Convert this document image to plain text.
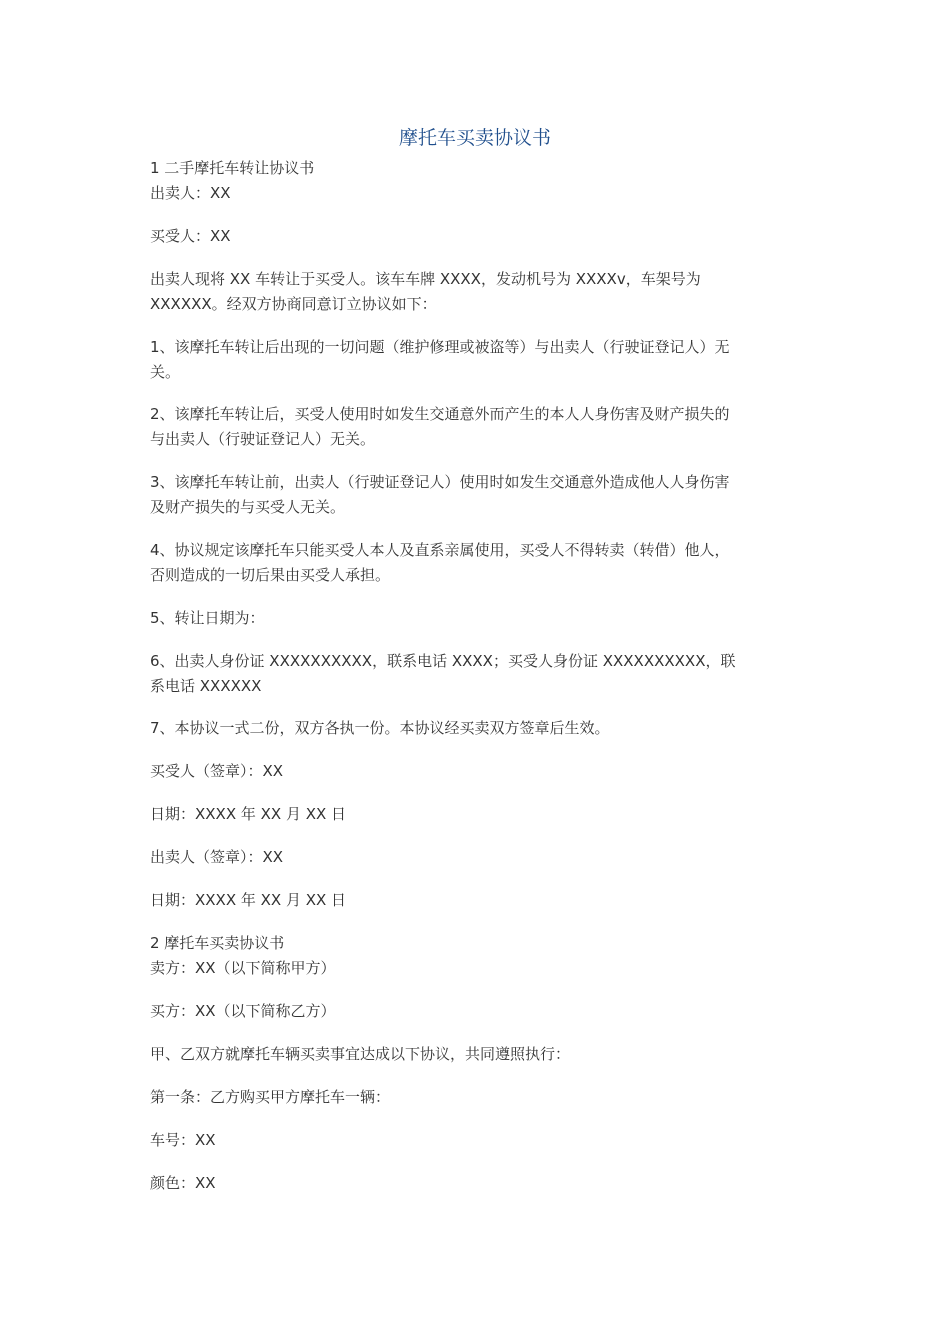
摩托车买卖协议书
1 二手摩托车转让协议书
出卖人：XX
买受人：XX
出卖人现将 XX 车转让于买受人。该车车牌 XXXX，发动机号为 XXXXv，车架号为
XXXXXX。经双方协商同意订立协议如下：
1、该摩托车转让后出现的一切问题（维护修理或被盗等）与出卖人（行驶证登记人）无
关。
2、该摩托车转让后，买受人使用时如发生交通意外而产生的本人人身伤害及财产损失的
与出卖人（行驶证登记人）无关。
3、该摩托车转让前，出卖人（行驶证登记人）使用时如发生交通意外造成他人人身伤害
及财产损失的与买受人无关。
4、协议规定该摩托车只能买受人本人及直系亲属使用，买受人不得转卖（转借）他人，
否则造成的一切后果由买受人承担。
5、转让日期为：
6、出卖人身份证 XXXXXXXXXX，联系电话 XXXX；买受人身份证 XXXXXXXXXX，联
系电话 XXXXXX
7、本协议一式二份，双方各执一份。本协议经买卖双方签章后生效。
买受人（签章）：XX
日期：XXXX 年 XX 月 XX 日
出卖人（签章）：XX
日期：XXXX 年 XX 月 XX 日
2 摩托车买卖协议书
卖方：XX（以下简称甲方）
买方：XX（以下简称乙方）
甲、乙双方就摩托车辆买卖事宜达成以下协议，共同遵照执行：
第一条：乙方购买甲方摩托车一辆：
车号：XX
颜色：XX
